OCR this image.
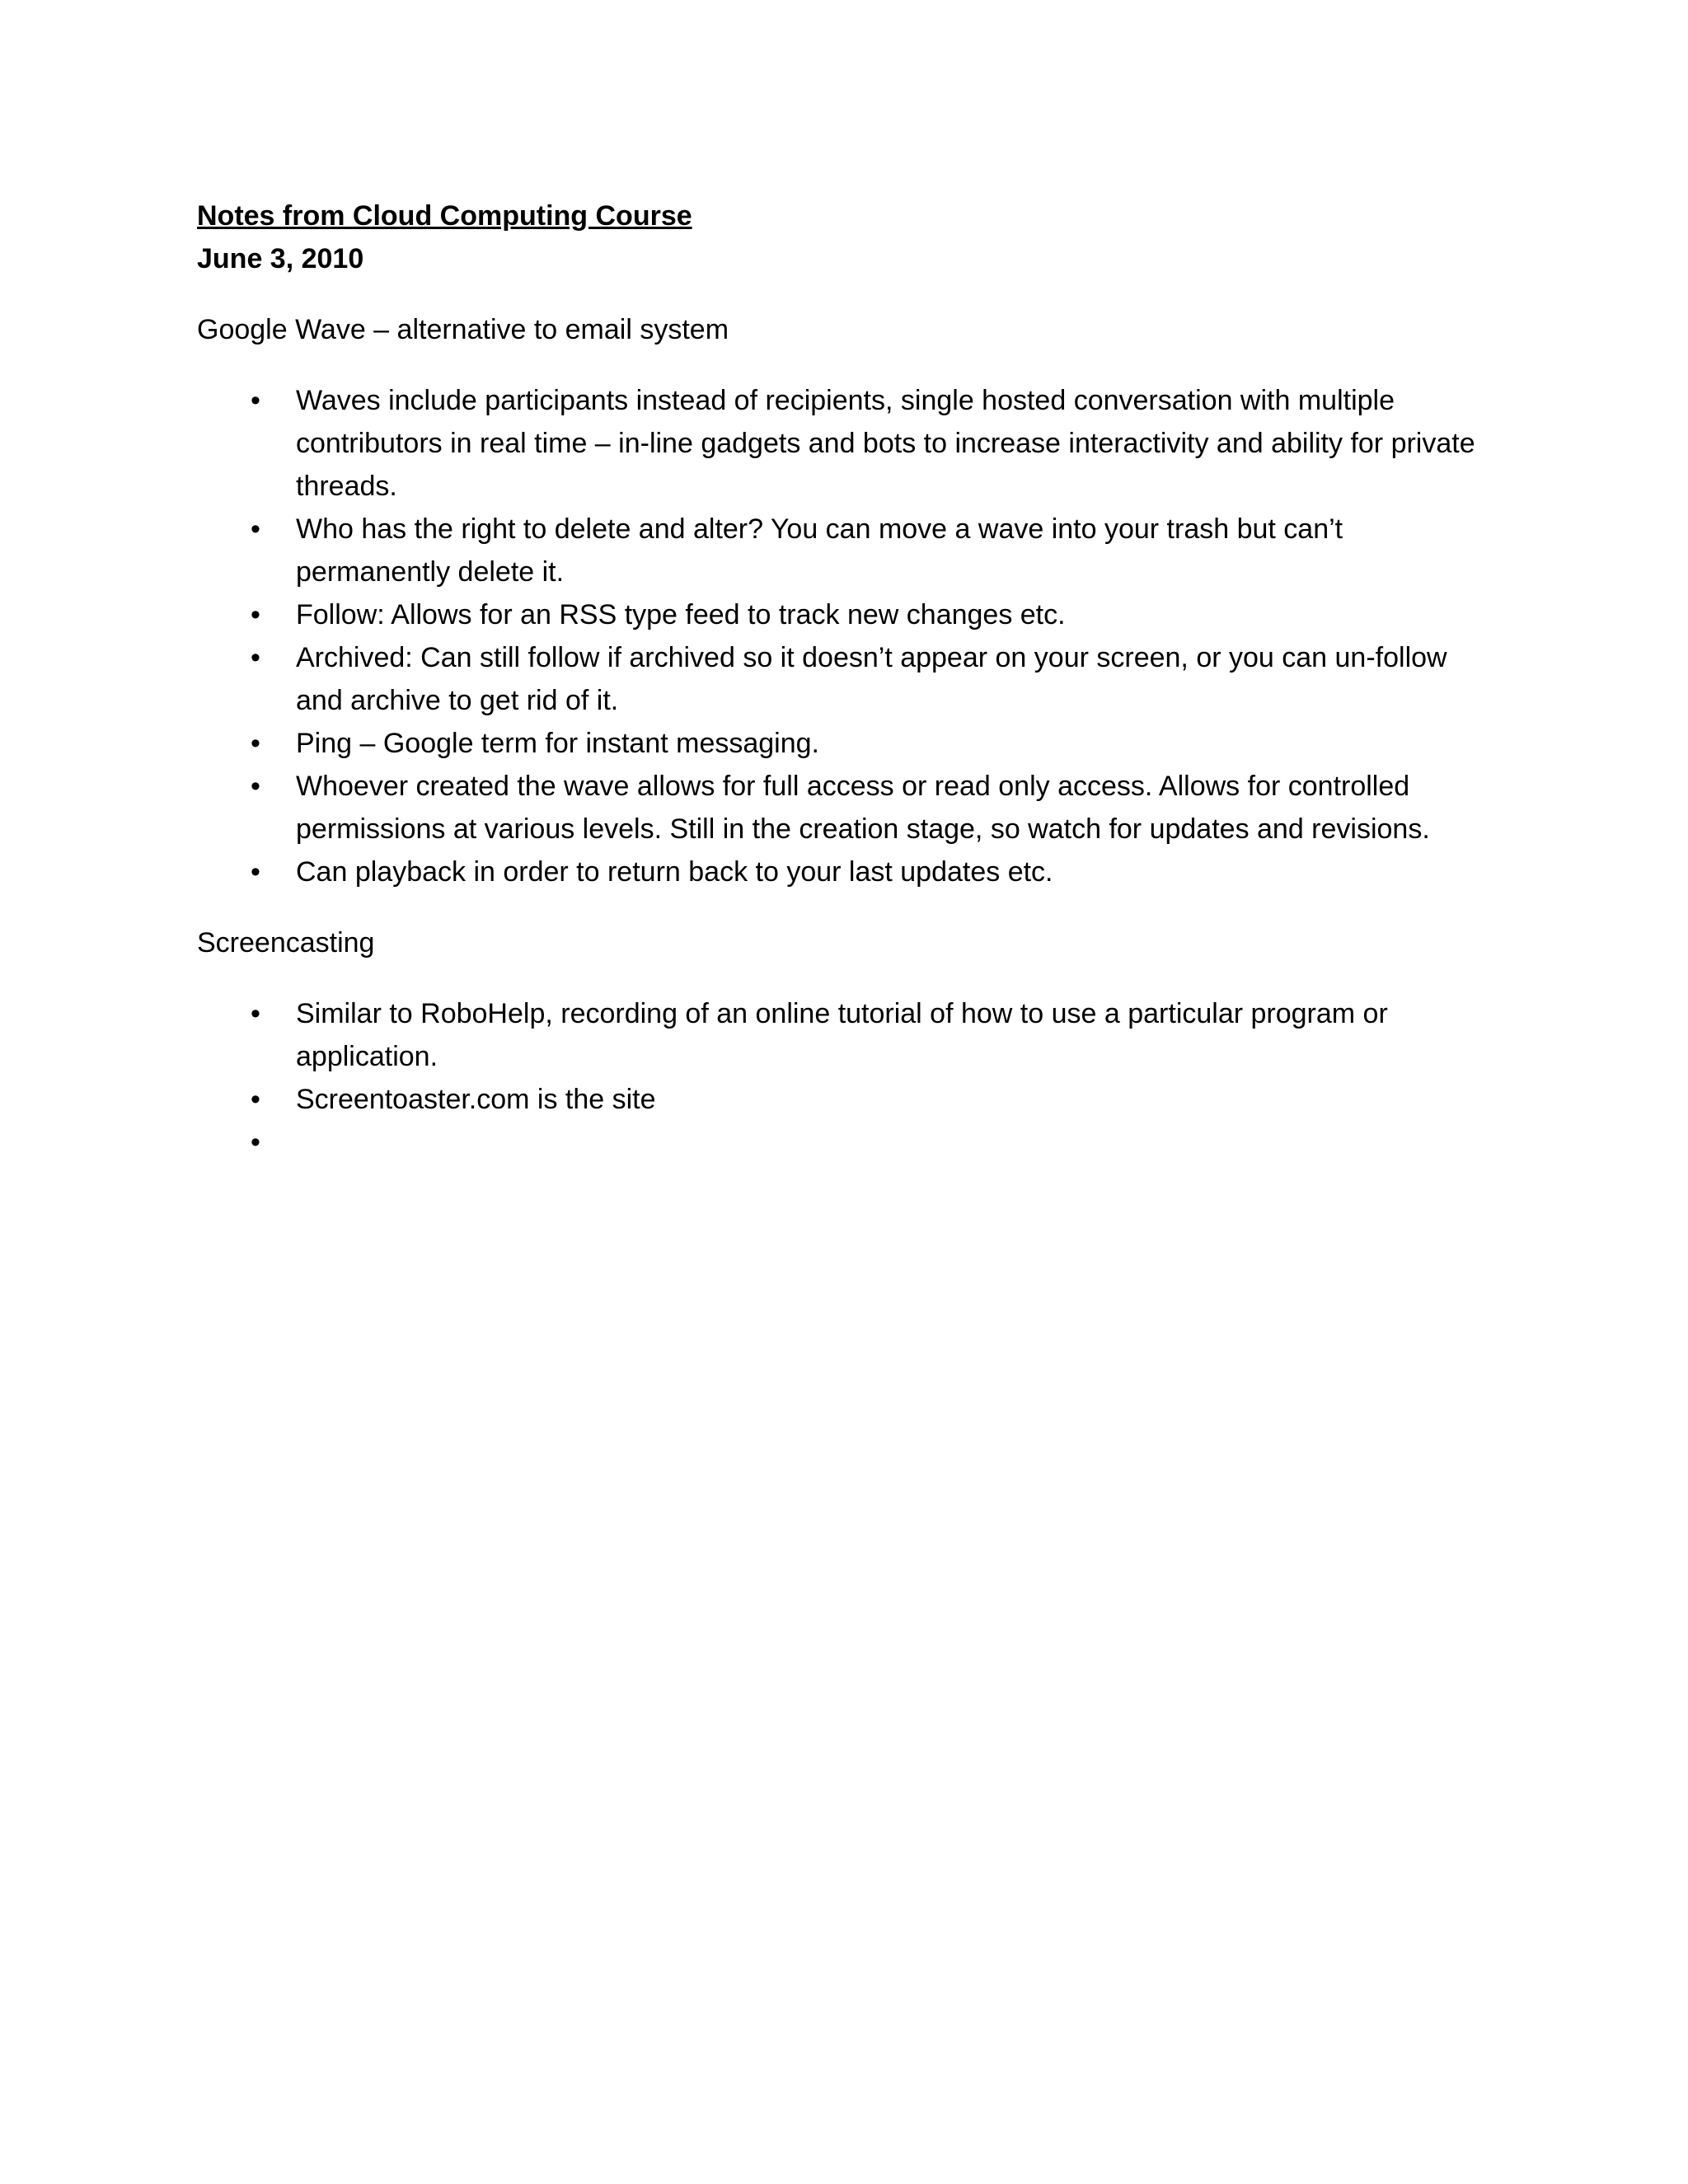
Notes from Cloud Computing Course

June 3, 2010

Google Wave – alternative to email system

•
Waves include participants instead of recipients, single hosted conversation with multiple contributors in real time – in-line gadgets and bots to increase interactivity and ability for private threads.
•
Who has the right to delete and alter? You can move a wave into your trash but can’t permanently delete it.
•
Follow: Allows for an RSS type feed to track new changes etc.
•
Archived: Can still follow if archived so it doesn’t appear on your screen, or you can un-follow and archive to get rid of it.
•
Ping – Google term for instant messaging.
•
Whoever created the wave allows for full access or read only access. Allows for controlled permissions at various levels. Still in the creation stage, so watch for updates and revisions.
•
Can playback in order to return back to your last updates etc.

Screencasting

•
Similar to RoboHelp, recording of an online tutorial of how to use a particular program or application.
•
Screentoaster.com is the site
•
